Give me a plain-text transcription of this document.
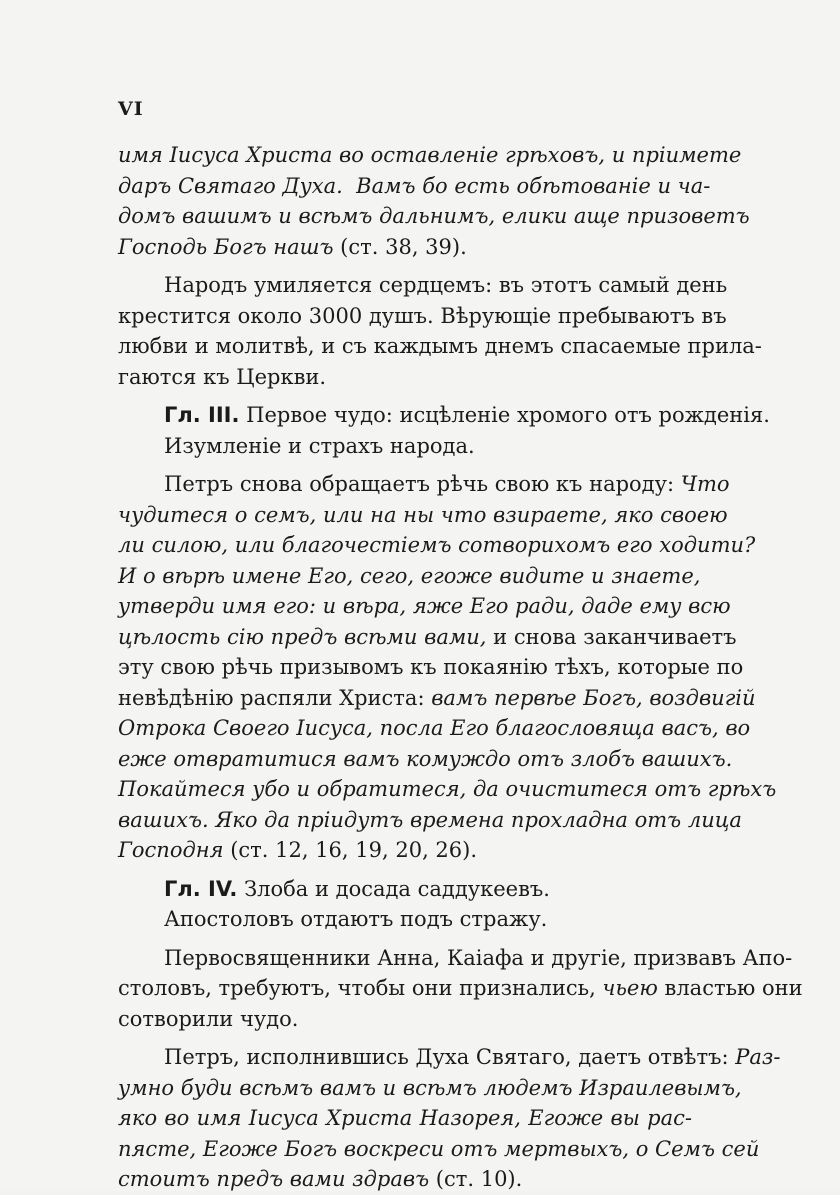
VI

имя Іисуса Христа во оставленіе грѣховъ, и пріимете
даръ Святаго Духа. Вамъ бо есть обѣтованіе и ча-
домъ вашимъ и всѣмъ дальнимъ, елики аще призоветъ
Господь Богъ нашъ (ст. 38, 39).

Народъ умиляется сердцемъ: въ этотъ самый день
крестится около 3000 душъ. Вѣрующіе пребываютъ въ
любви и молитвѣ, и съ каждымъ днемъ спасаемые прила-
гаются къ Церкви.

Гл. III. Первое чудо: исцѣленіе хромого отъ рожденія.
Изумленіе и страхъ народа.

Петръ снова обращаетъ рѣчь свою къ народу: Что
чудитеся о семъ, или на ны что взираете, яко своею
ли силою, или благочестіемъ сотворихомъ его ходити?
И о вѣрѣ имене Его, сего, егоже видите и знаете,
утверди имя его: и вѣра, яже Его ради, даде ему всю
цѣлость сію предъ всѣми вами, и снова заканчиваетъ
эту свою рѣчь призывомъ къ покаянію тѣхъ, которые по
невѣдѣнію распяли Христа: вамъ первѣе Богъ, воздвигій
Отрока Своего Іисуса, посла Его благословяща васъ, во
еже отвратитися вамъ комуждо отъ злобъ вашихъ.
Покайтеся убо и обратитеся, да очиститеся отъ грѣхъ
вашихъ. Яко да пріидутъ времена прохладна отъ лица
Господня (ст. 12, 16, 19, 20, 26).

Гл. IV. Злоба и досада саддукеевъ.
Апостоловъ отдаютъ подъ стражу.

Первосвященники Анна, Каіафа и другіе, призвавъ Апо-
столовъ, требуютъ, чтобы они признались, чьею властью они
сотворили чудо.

Петръ, исполнившись Духа Святаго, даетъ отвѣтъ: Раз-
умно буди всѣмъ вамъ и всѣмъ людемъ Израилевымъ,
яко во имя Іисуса Христа Назорея, Егоже вы рас-
пясте, Егоже Богъ воскреси отъ мертвыхъ, о Семъ сей
стоитъ предъ вами здравъ (ст. 10).
